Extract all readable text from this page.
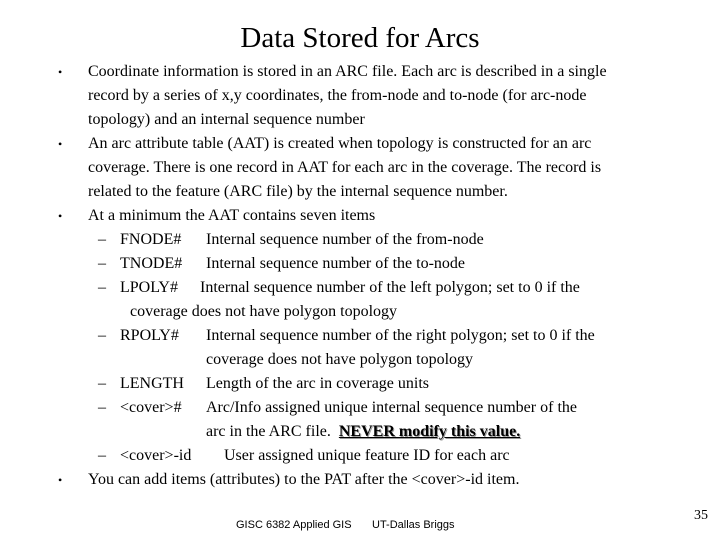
Data Stored for Arcs
•	Coordinate information is stored in an ARC file. Each arc is described in a single record by a series of x,y coordinates, the from-node and to-node (for arc-node topology) and an internal sequence number
•	An arc attribute table (AAT) is created when topology is constructed for an arc coverage. There is one record in AAT for each arc in the coverage. The record is related to the feature (ARC file) by the internal sequence number.
•	At a minimum the AAT contains seven items
– FNODE# Internal sequence number of the from-node
– TNODE# Internal sequence number of the to-node
– LPOLY# Internal sequence number of the left polygon; set to 0 if the
coverage does not have polygon topology
– RPOLY# Internal sequence number of the right polygon; set to 0 if the
coverage does not have polygon topology
– LENGTH Length of the arc in coverage units
– <cover># Arc/Info assigned unique internal sequence number of the
arc in the ARC file.  NEVER modify this value.
– <cover>-id User assigned unique feature ID for each arc
•	You can add items (attributes) to the PAT after the <cover>-id item.
GISC 6382 Applied GIS UT-Dallas Briggs
35
